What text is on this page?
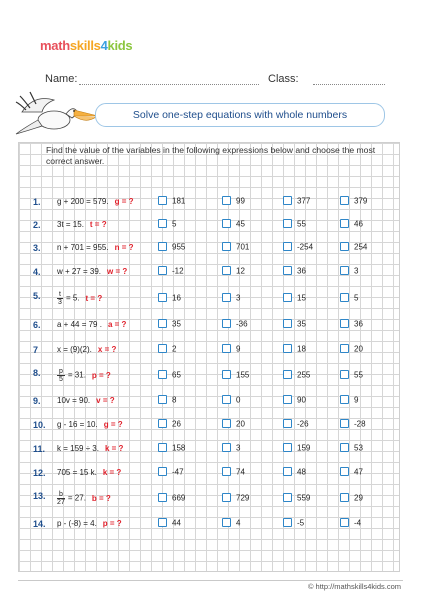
mathskills4kids
Name:	Class:
Solve one-step equations with whole numbers
Find the value of the variables in the following expressions below and choose the most correct answer.
1.	g + 200 = 579. g = ?	181	99	377	379
2.	3t = 15. t = ?	5	45	55	46
3.	n + 701 = 955. n = ?	955	701	-254	254
4.	w + 27 = 39. w = ?	-12	12	36	3
5.	$\frac{t}{3} = 5$. t = ?	16	3	15	5
6.	a + 44 = 79 . a = ?	35	-36	35	36
7	x = (9)(2). x = ?	2	9	18	20
8.	$\frac{p}{5} = 31$. p = ?	65	155	255	55
9.	10v = 90. v = ?	8	0	90	9
10.	g - 16 = 10. g = ?	26	20	-26	-28
11.	k = 159 ÷ 3. k = ?	158	3	159	53
12.	705 = 15 k. k = ?	-47	74	48	47
13.	$\frac{b}{27} = 27$. b = ?	669	729	559	29
14.	p - (-8) = 4. p = ?	44	4	-5	-4
© http://mathskills4kids.com
